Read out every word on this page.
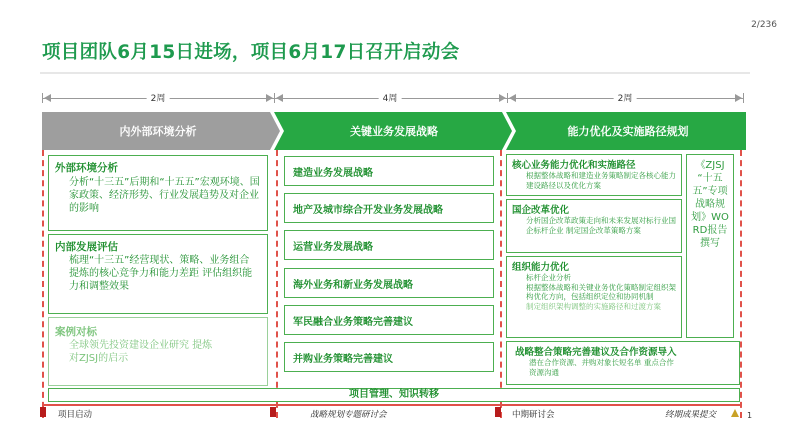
2/236
项目团队6月15日进场，项目6月17日召开启动会
2周	4周	2周
内外部环境分析	关键业务发展战略	能力优化及实施路径规划
外部环境分析
分析“十三五”后期和“十五五”宏观环境、国家政策、经济形势、行业发展趋势及对企业的影响
内部发展评估
梳理“十三五”经营现状、策略、业务组合
提炼的核心竞争力和能力差距 评估组织能力和调整效果
案例对标
全球领先投资建设企业研究 提炼对ZJSJ的启示
建造业务发展战略
地产及城市综合开发业务发展战略
运营业务发展战略
海外业务和新业务发展战略
军民融合业务策略完善建议
并购业务策略完善建议
核心业务能力优化和实施路径
根据整体战略和建造业务策略制定各核心能力建设路径以及优化方案
国企改革优化
分析国企改革政策走向和未来发展对标行业国企标杆企业 制定国企改革策略方案
组织能力优化
标杆企业分析
根据整体战略和关键业务优化策略制定组织架构优化方向，包括组织定位和协同机制
制定组织架构调整的实施路径和过渡方案
战略整合策略完善建议及合作资源导入
潜在合作资源、并购对象长短名单 重点合作资源沟通
《ZJSJ “十五五”专项战略规划》WORD报告撰写
项目管理、知识转移
项目启动	战略规划专题研讨会	中期研讨会	终期成果提交	1
